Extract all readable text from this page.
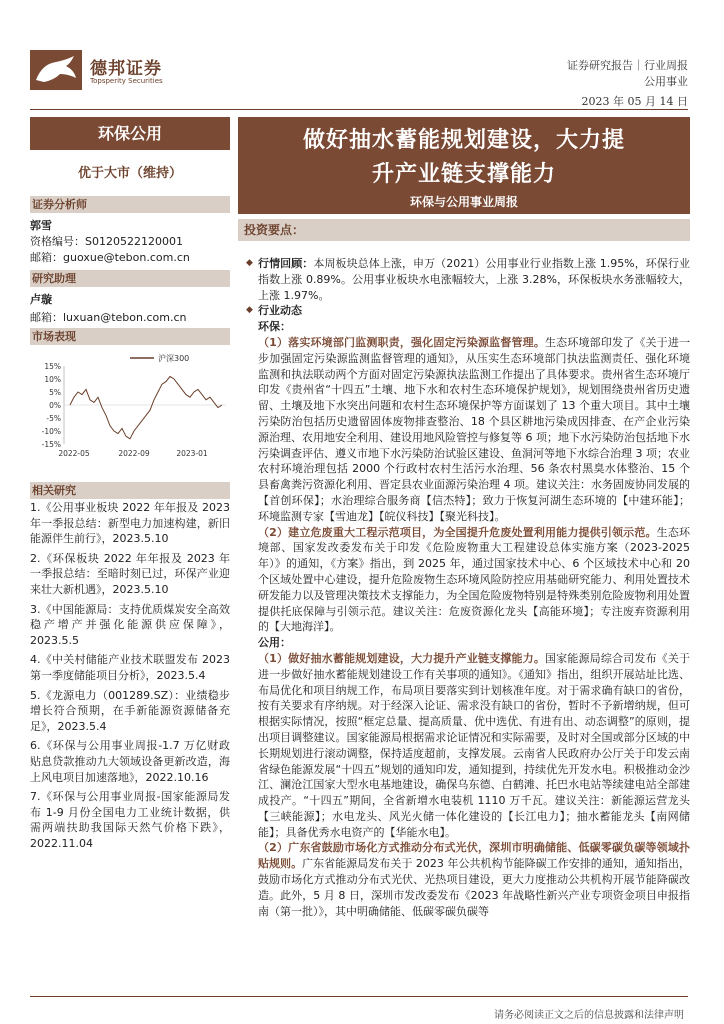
德邦证券
Topsperity Securities
证券研究报告｜行业周报
公用事业
2023 年 05 月 14 日
环保公用
优于大市（维持）
证券分析师
郭雪
资格编号：S0120522120001
邮箱：guoxue@tebon.com.cn
研究助理
卢璇
邮箱：luxuan@tebon.com.cn
市场表现
15%
10%
5%
0%
-5%
-10%
-15%
2022-05	2022-09	2023-01
沪深300
相关研究
1.《公用事业板块 2022 年年报及 2023 年一季报总结：新型电力加速构建，新旧能源伴生前行》，2023.5.10
2.《环保板块 2022 年年报及 2023 年一季报总结：至暗时刻已过，环保产业迎来壮大新机遇》，2023.5.10
3.《中国能源局：支持优质煤炭安全高效稳产增产并强化能源供应保障》，2023.5.5
4.《中关村储能产业技术联盟发布 2023 第一季度储能项目分析》，2023.5.4
5.《龙源电力（001289.SZ）：业绩稳步增长符合预期，在手新能源资源储备充足》，2023.5.4
6.《环保与公用事业周报-1.7 万亿财政贴息贷款推动九大领域设备更新改造，海上风电项目加速落地》，2022.10.16
7.《环保与公用事业周报-国家能源局发布 1-9 月份全国电力工业统计数据，供需两端扶助我国际天然气价格下跌》，2022.11.04
做好抽水蓄能规划建设，大力提
升产业链支撑能力
环保与公用事业周报
投资要点：
◆ 行情回顾：本周板块总体上涨，申万（2021）公用事业行业指数上涨 1.95%，环保行业指数上涨 0.89%。公用事业板块水电涨幅较大，上涨 3.28%，环保板块水务涨幅较大，上涨 1.97%。
◆ 行业动态
环保：
（1）落实环境部门监测职责，强化固定污染源监督管理。生态环境部印发了《关于进一步加强固定污染源监测监督管理的通知》，从压实生态环境部门执法监测责任、强化环境监测和执法联动两个方面对固定污染源执法监测工作提出了具体要求。贵州省生态环境厅印发《贵州省“十四五”土壤、地下水和农村生态环境保护规划》，规划围绕贵州省历史遗留、土壤及地下水突出问题和农村生态环境保护等方面谋划了 13 个重大项目。其中土壤污染防治包括历史遗留固体废物排查整治、18 个县区耕地污染成因排查、在产企业污染源治理、农用地安全利用、建设用地风险管控与修复等 6 项；地下水污染防治包括地下水污染调查评估、遵义市地下水污染防治试验区建设、鱼洞河等地下水综合治理 3 项；农业农村环境治理包括 2000 个行政村农村生活污水治理、56 条农村黑臭水体整治、15 个县畜禽粪污资源化利用、晋定县农业面源污染治理 4 项。建议关注：水务固废协同发展的【首创环保】；水治理综合服务商【信杰特】；致力于恢复河湖生态环境的【中建环能】；环境监测专家【雪迪龙】【皖仪科技】【聚光科技】。
（2）建立危废重大工程示范项目，为全国提升危废处置利用能力提供引领示范。生态环境部、国家发改委发布关于印发《危险废物重大工程建设总体实施方案（2023-2025 年）》的通知，《方案》指出，到 2025 年，通过国家技术中心、6 个区域技术中心和 20 个区域处置中心建设，提升危险废物生态环境风险防控应用基础研究能力、利用处置技术研发能力以及管理决策技术支撑能力，为全国危险废物特别是特殊类别危险废物利用处置提供托底保障与引领示范。建议关注：危废资源化龙头【高能环境】；专注废弃资源利用的【大地海洋】。
公用：
（1）做好抽水蓄能规划建设，大力提升产业链支撑能力。国家能源局综合司发布《关于进一步做好抽水蓄能规划建设工作有关事项的通知》。《通知》指出，组织开展站址比选、布局优化和项目纳规工作，布局项目要落实到计划核准年度。对于需求确有缺口的省份，按有关要求有序纳规。对于经深入论证、需求没有缺口的省份，暂时不予新增纳规，但可根据实际情况，按照“框定总量、提高质量、优中选优、有进有出、动态调整”的原则，提出项目调整建议。国家能源局根据需求论证情况和实际需要，及时对全国或部分区域的中长期规划进行滚动调整，保持适度超前，支撑发展。云南省人民政府办公厅关于印发云南省绿色能源发展“十四五”规划的通知印发，通知提到，持续优先开发水电。积极推动金沙江、澜沧江国家大型水电基地建设，确保乌东德、白鹤滩、托巴水电站等续建电站全部建成投产。“十四五”期间，全省新增水电装机 1110 万千瓦。建议关注：新能源运营龙头【三峡能源】；水电龙头、风光火储一体化建设的【长江电力】；抽水蓄能龙头【南网储能】；具备优秀水电资产的【华能水电】。
（2）广东省鼓励市场化方式推动分布式光伏，深圳市明确储能、低碳零碳负碳等领域扑贴规则。广东省能源局发布关于 2023 年公共机构节能降碳工作安排的通知，通知指出，鼓励市场化方式推动分布式光伏、光热项目建设，更大力度推动公共机构开展节能降碳改造。此外，5 月 8 日，深圳市发改委发布《2023 年战略性新兴产业专项资金项目申报指南（第一批）》，其中明确储能、低碳零碳负碳等
请务必阅读正文之后的信息披露和法律声明
